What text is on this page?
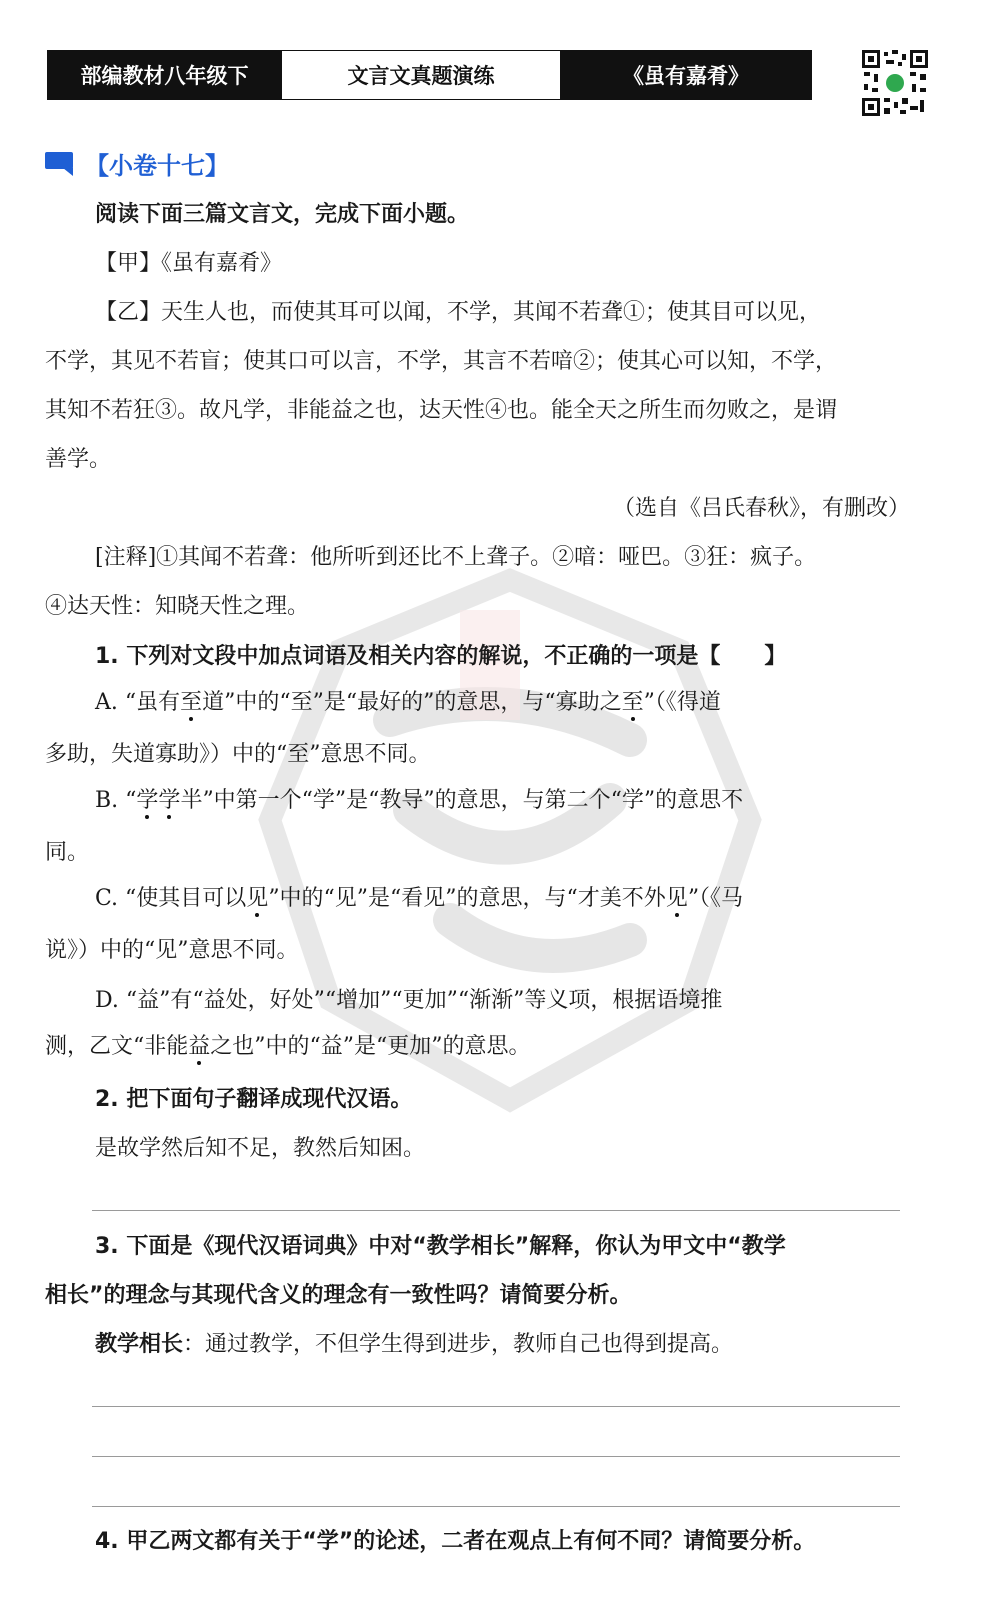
部编教材八年级下	文言文真题演练	《虽有嘉肴》
【小卷十七】
阅读下面三篇文言文，完成下面小题。
【甲】《虽有嘉肴》
【乙】天生人也，而使其耳可以闻，不学，其闻不若聋①；使其目可以见，
不学，其见不若盲；使其口可以言，不学，其言不若喑②；使其心可以知，不学，
其知不若狂③。故凡学，非能益之也，达天性④也。能全天之所生而勿败之，是谓
善学。
（选自《吕氏春秋》，有删改）
[注释]①其闻不若聋：他所听到还比不上聋子。②喑：哑巴。③狂：疯子。
④达天性：知晓天性之理。
1. 下列对文段中加点词语及相关内容的解说，不正确的一项是【　　】
A. “虽有至道”中的“至”是“最好的”的意思，与“寡助之至”（《得道
多助，失道寡助》）中的“至”意思不同。
B. “学学半”中第一个“学”是“教导”的意思，与第二个“学”的意思不
同。
C. “使其目可以见”中的“见”是“看见”的意思，与“才美不外见”（《马
说》）中的“见”意思不同。
D. “益”有“益处，好处”“增加”“更加”“渐渐”等义项，根据语境推
测，乙文“非能益之也”中的“益”是“更加”的意思。
2. 把下面句子翻译成现代汉语。
是故学然后知不足，教然后知困。
3. 下面是《现代汉语词典》中对“教学相长”解释，你认为甲文中“教学
相长”的理念与其现代含义的理念有一致性吗？请简要分析。
教学相长：通过教学，不但学生得到进步，教师自己也得到提高。
4. 甲乙两文都有关于“学”的论述，二者在观点上有何不同？请简要分析。
